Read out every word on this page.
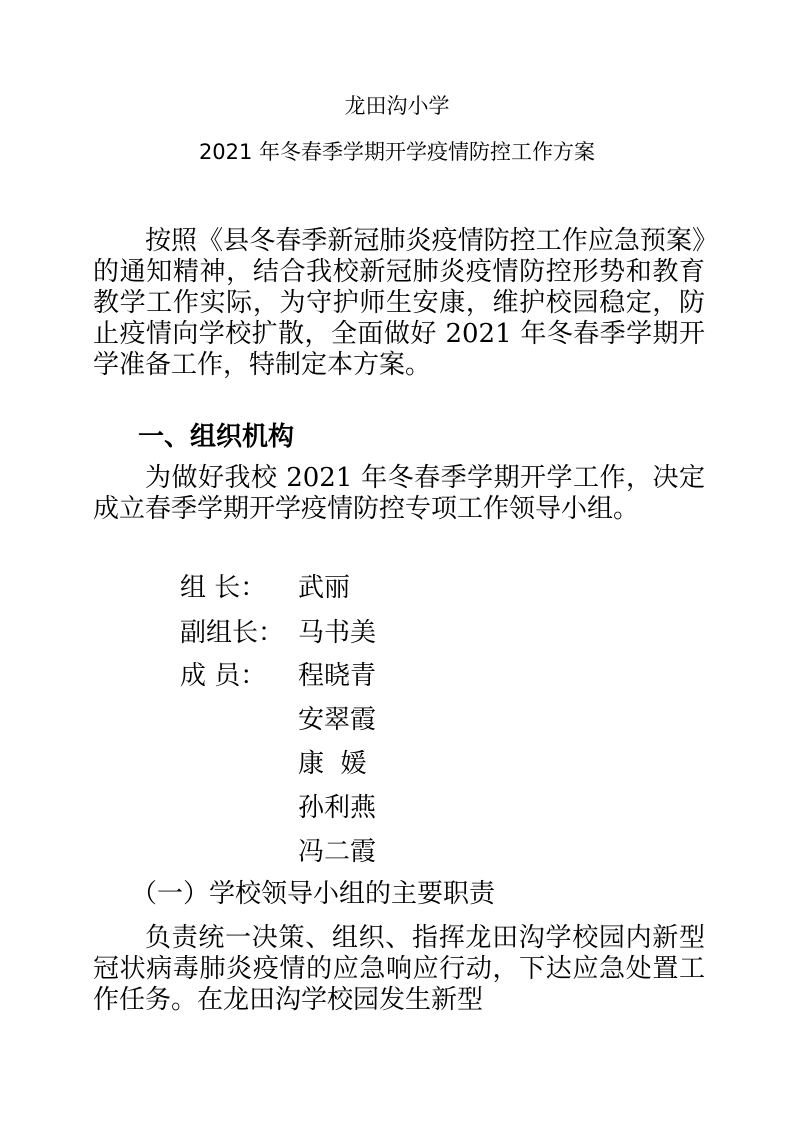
龙田沟小学
2021 年冬春季学期开学疫情防控工作方案

按照《县冬春季新冠肺炎疫情防控工作应急预案》的通知精神，结合我校新冠肺炎疫情防控形势和教育教学工作实际，为守护师生安康，维护校园稳定，防止疫情向学校扩散，全面做好 2021 年冬春季学期开学准备工作，特制定本方案。

一、组织机构

为做好我校 2021 年冬春季学期开学工作，决定成立春季学期开学疫情防控专项工作领导小组。

组 长： 武丽
副组长： 马书美
成 员： 程晓青
安翠霞
康  媛
孙利燕
冯二霞
（一）学校领导小组的主要职责

负责统一决策、组织、指挥龙田沟学校园内新型冠状病毒肺炎疫情的应急响应行动，下达应急处置工作任务。在龙田沟学校园发生新型
